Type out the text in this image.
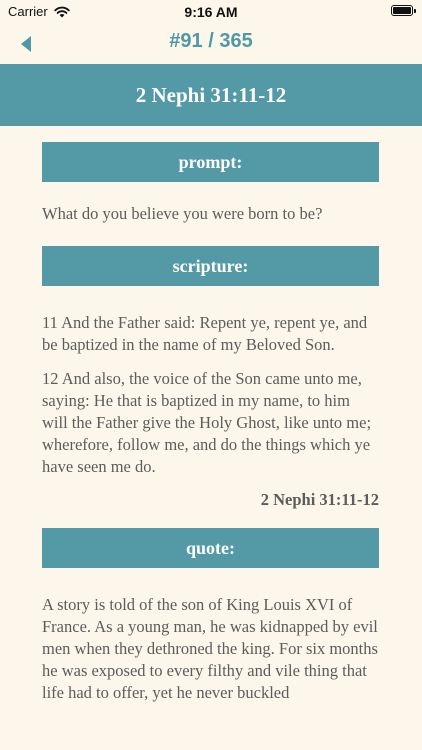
Carrier	9:16 AM
#91 / 365
2 Nephi 31:11-12
prompt:
What do you believe you were born to be?
scripture:

11 And the Father said: Repent ye, repent ye, and be baptized in the name of my Beloved Son.

12 And also, the voice of the Son came unto me, saying: He that is baptized in my name, to him will the Father give the Holy Ghost, like unto me; wherefore, follow me, and do the things which ye have seen me do.

2 Nephi 31:11-12
quote:
A story is told of the son of King Louis XVI of France. As a young man, he was kidnapped by evil men when they dethroned the king. For six months he was exposed to every filthy and vile thing that life had to offer, yet he never buckled
